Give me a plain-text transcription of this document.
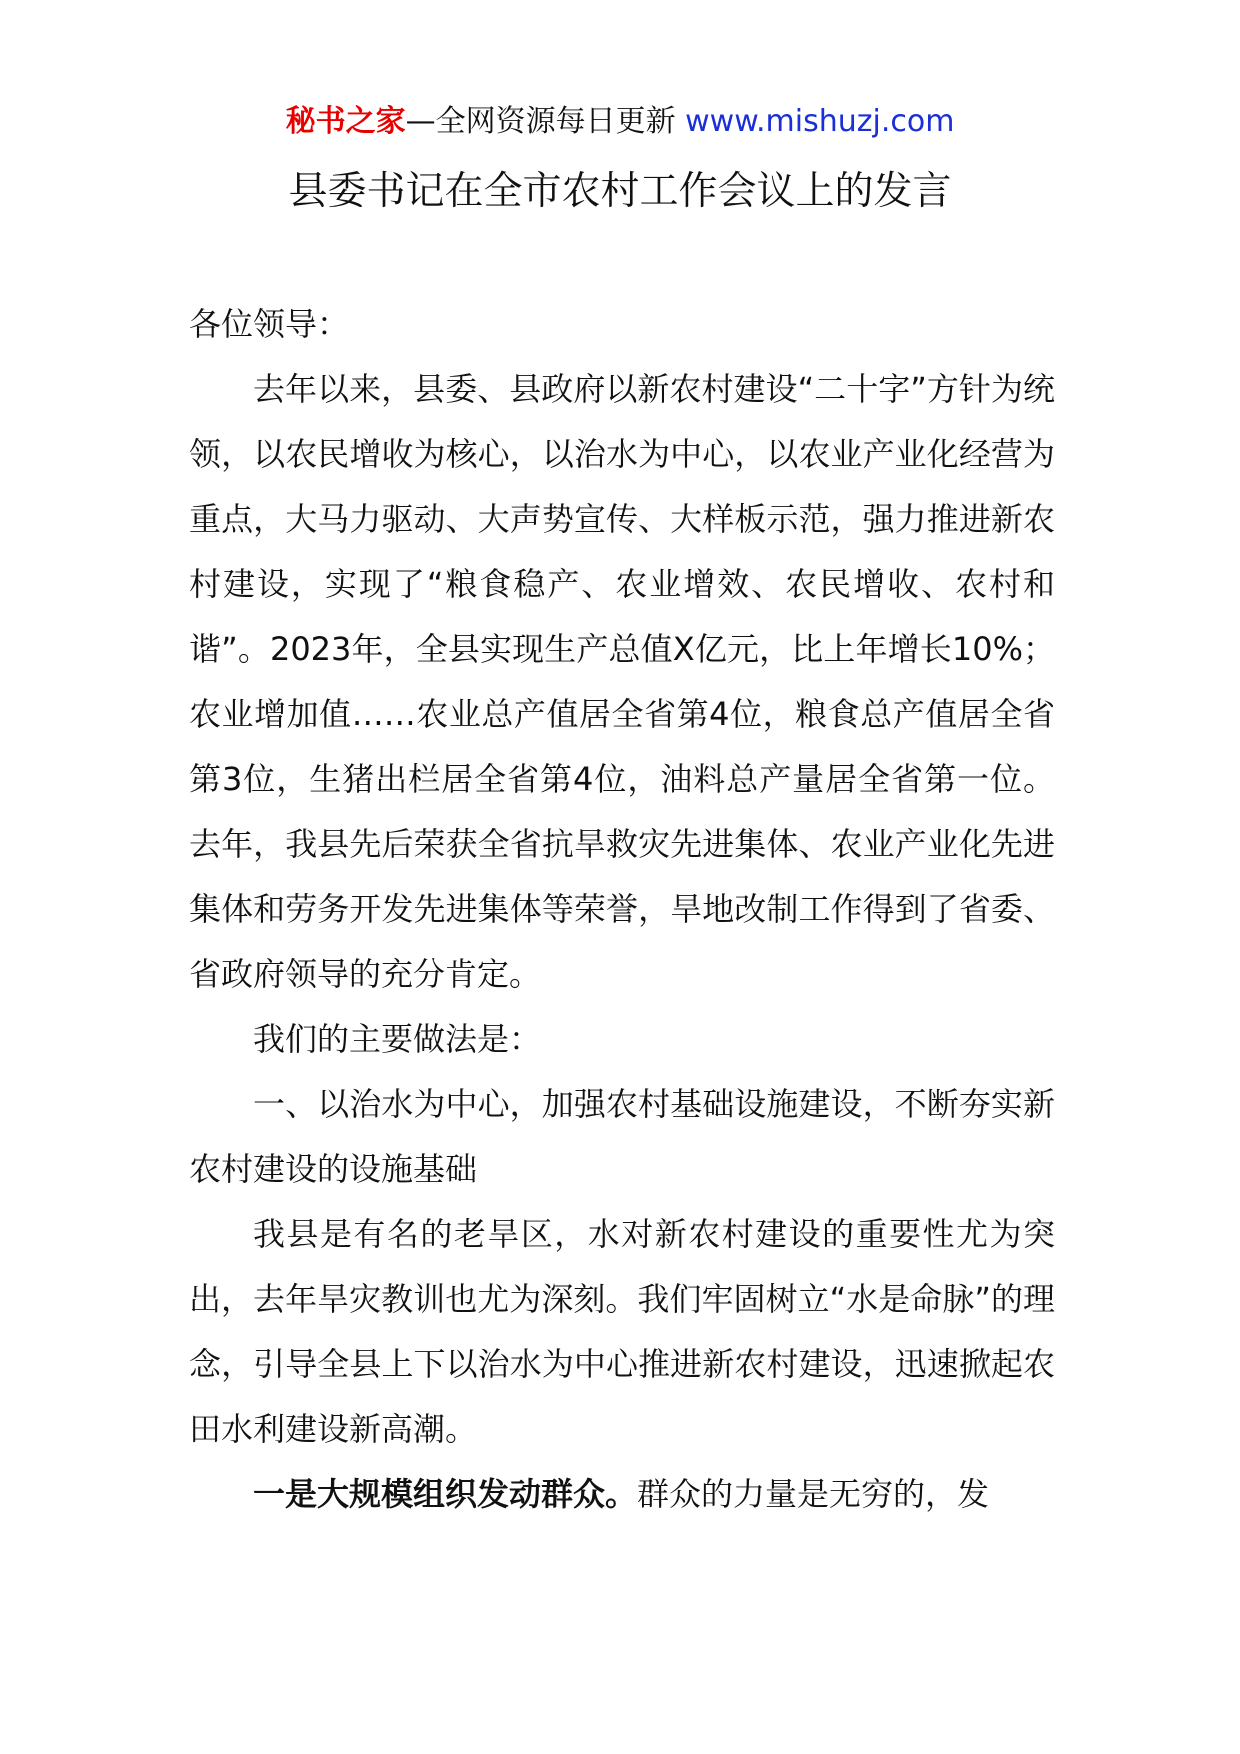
秘书之家—全网资源每日更新 www.mishuzj.com
县委书记在全市农村工作会议上的发言

各位领导：

去年以来，县委、县政府以新农村建设“二十字”方针为统领，以农民增收为核心，以治水为中心，以农业产业化经营为重点，大马力驱动、大声势宣传、大样板示范，强力推进新农村建设，实现了“粮食稳产、农业增效、农民增收、农村和谐”。2023年，全县实现生产总值X亿元，比上年增长10%；农业增加值……农业总产值居全省第4位，粮食总产值居全省第3位，生猪出栏居全省第4位，油料总产量居全省第一位。去年，我县先后荣获全省抗旱救灾先进集体、农业产业化先进集体和劳务开发先进集体等荣誉，旱地改制工作得到了省委、省政府领导的充分肯定。

我们的主要做法是：

一、以治水为中心，加强农村基础设施建设，不断夯实新农村建设的设施基础

我县是有名的老旱区，水对新农村建设的重要性尤为突出，去年旱灾教训也尤为深刻。我们牢固树立“水是命脉”的理念，引导全县上下以治水为中心推进新农村建设，迅速掀起农田水利建设新高潮。

一是大规模组织发动群众。群众的力量是无穷的，发
